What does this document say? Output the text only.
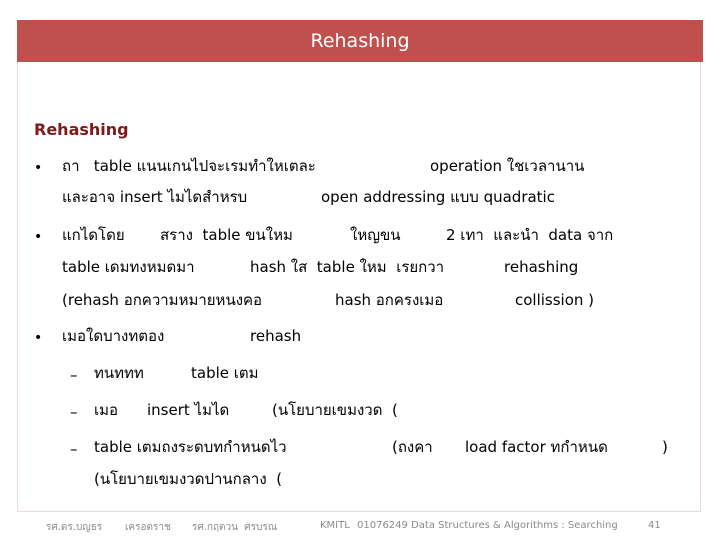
Rehashing
Rehashing
• ถา   table แนนเกนไปจะเรมทำใหเตละ	operation ใชเวลานาน
และอาจ insert ไมไดสำหรบ	open addressing แบบ quadratic
• แกไดโดย สราง  table ขนใหม	ใหญขน	2 เทา  และนำ  data จาก
table เดมทงหมดมา	hash ใส  table ใหม  เรยกวา	rehashing
(rehash อกความหมายหนงคอ	hash อกครงเมอ	collission )
• เมอใดบางทตอง	rehash
– ทนททท	table เตม
– เมอ insert ไมได	(นโยบายเขมงวด  (
– table เตมถงระดบทกำหนดไว	(ถงคา load factor ทกำหนด	)
(นโยบายเขมงวดปานกลาง  (
รศ.ดร.บญธร เครอตราช รศ.กฤตวน  ศรบรณ	KMITL 01076249 Data Structures & Algorithms : Searching	41
